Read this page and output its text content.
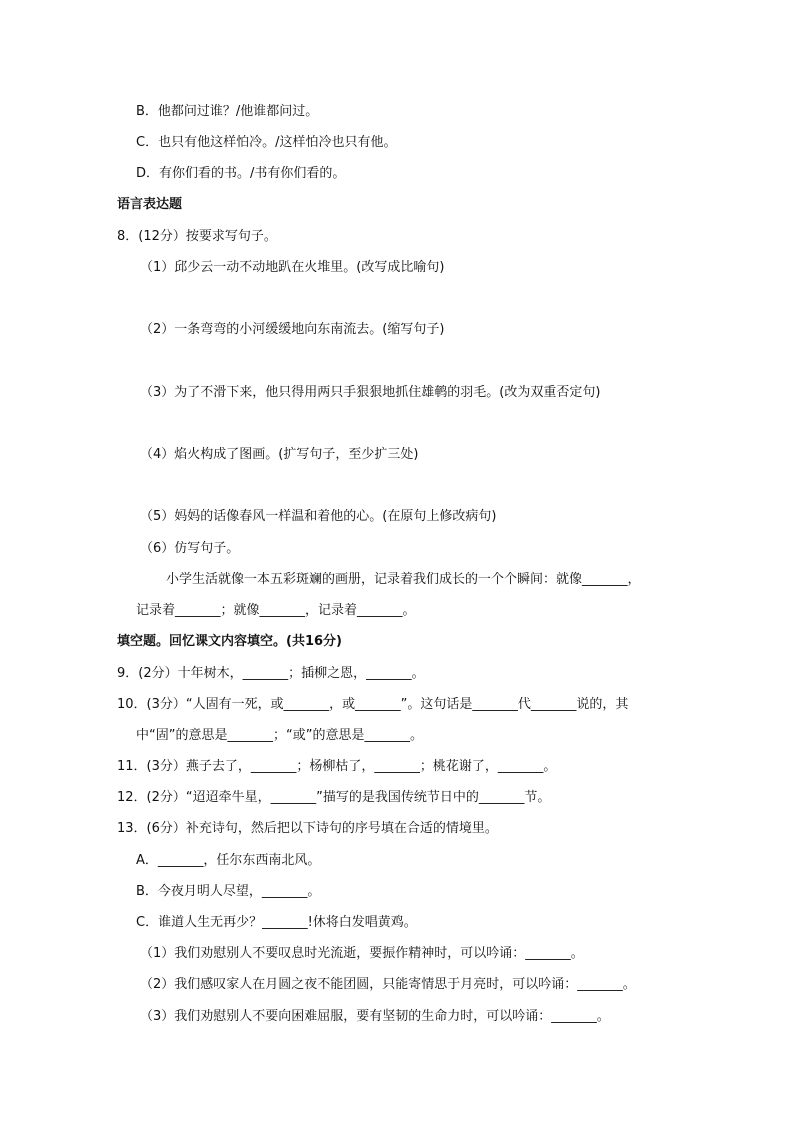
B．他都问过谁？/他谁都问过。
C．也只有他这样怕冷。/这样怕冷也只有他。
D．有你们看的书。/书有你们看的。
语言表达题
8．(12分）按要求写句子。
（1）邱少云一动不动地趴在火堆里。(改写成比喻句)
（2）一条弯弯的小河缓缓地向东南流去。(缩写句子)
（3）为了不滑下来，他只得用两只手狠狠地抓住雄鹌的羽毛。(改为双重否定句)
（4）焰火构成了图画。(扩写句子，至少扩三处)
（5）妈妈的话像春风一样温和着他的心。(在原句上修改病句)
（6）仿写句子。
小学生活就像一本五彩斑斓的画册，记录着我们成长的一个个瞬间：就像_______，
记录着_______；就像_______，记录着_______。
填空题。回忆课文内容填空。(共16分)
9．(2分）十年树木，_______；插柳之恩，_______。
10．(3分）“人固有一死，或_______，或_______”。这句话是_______代_______说的，其
中“固”的意思是_______；“或”的意思是_______。
11．(3分）燕子去了，_______；杨柳枯了，_______；桃花谢了，_______。
12．(2分）“迢迢牵牛星，_______”描写的是我国传统节日中的_______节。
13．(6分）补充诗句，然后把以下诗句的序号填在合适的情境里。
A．_______，任尔东西南北风。
B．今夜月明人尽望，_______。
C．谁道人生无再少？_______!休将白发唱黄鸡。
（1）我们劝慰别人不要叹息时光流逝，要振作精神时，可以吟诵：_______。
（2）我们感叹家人在月圆之夜不能团圆，只能寄情思于月亮时，可以吟诵：_______。
（3）我们劝慰别人不要向困难屈服，要有坚韧的生命力时，可以吟诵：_______。
